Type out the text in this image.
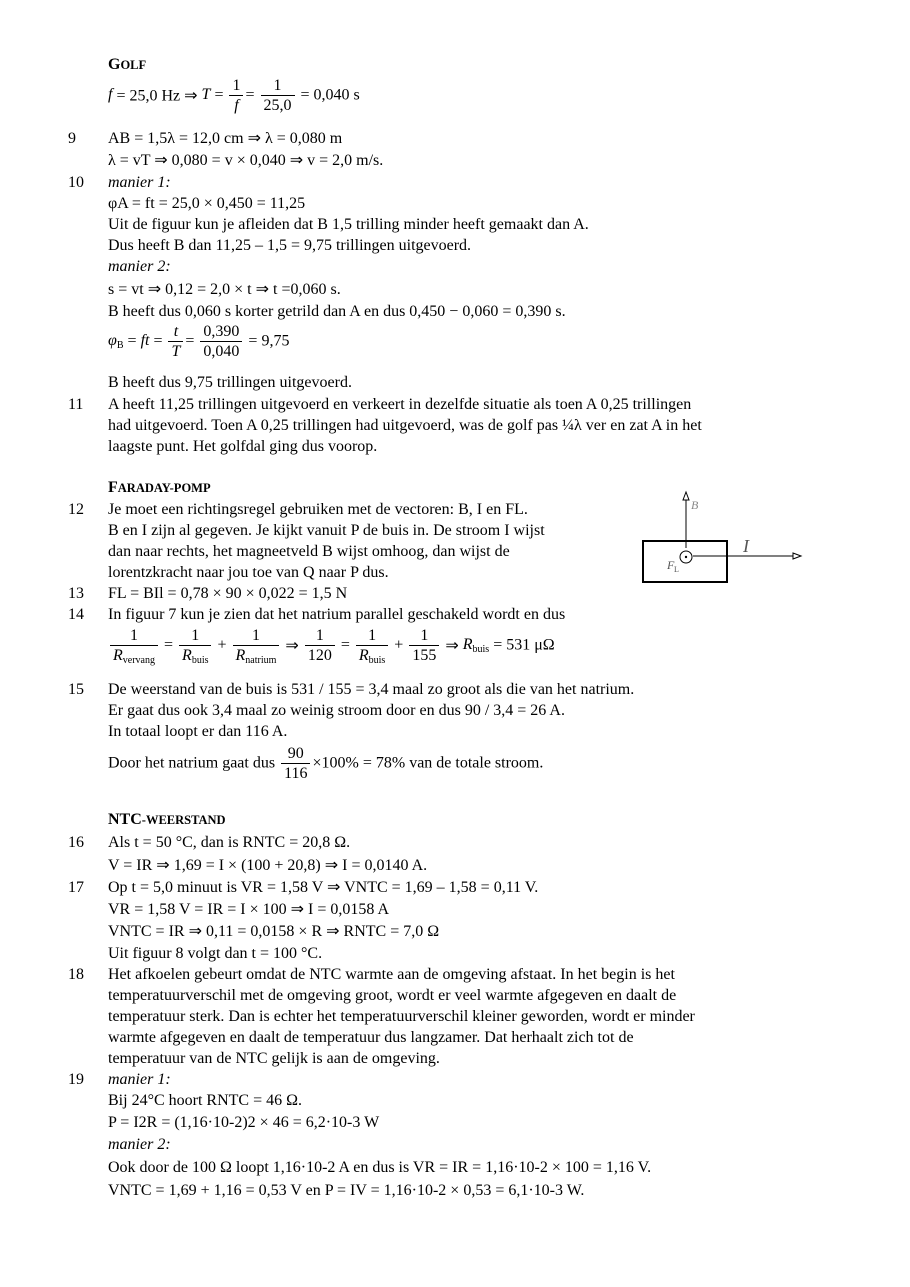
GOLF
f = 25,0 Hz ⇒ $T = \frac{1}{f} = \frac{1}{25,0} = 0,040$ s
9 AB = 1,5λ = 12,0 cm ⇒ λ = 0,080 m
λ = vT ⇒ 0,080 = v × 0,040 ⇒ v = 2,0 m/s.
10 manier 1:
φA = ft = 25,0 × 0,450 = 11,25
Uit de figuur kun je afleiden dat B 1,5 trilling minder heeft gemaakt dan A.
Dus heeft B dan 11,25 – 1,5 = 9,75 trillingen uitgevoerd.
manier 2:
s = vt ⇒ 0,12 = 2,0 × t ⇒ t =0,060 s.
B heeft dus 0,060 s korter getrild dan A en dus 0,450 − 0,060 = 0,390 s.
$\varphi_B$ = ft = $\frac{t}{T} = \frac{0,390}{0,040} = 9,75$
B heeft dus 9,75 trillingen uitgevoerd.
11 A heeft 11,25 trillingen uitgevoerd en verkeert in dezelfde situatie als toen A 0,25 trillingen
had uitgevoerd. Toen A 0,25 trillingen had uitgevoerd, was de golf pas ¼λ ver en zat A in het
laagste punt. Het golfdal ging dus voorop.
FARADAY-POMP
12 Je moet een richtingsregel gebruiken met de vectoren: B, I en FL.
B en I zijn al gegeven. Je kijkt vanuit P de buis in. De stroom I wijst
dan naar rechts, het magneetveld B wijst omhoog, dan wijst de
lorentzkracht naar jou toe van Q naar P dus.
B
I
F L
13 FL = BIl = 0,78 × 90 × 0,022 = 1,5 N
14 In figuur 7 kun je zien dat het natrium parallel geschakeld wordt en dus
$\frac{1}{R_{vervang}} = \frac{1}{R_{buis}} + \frac{1}{R_{natrium}}$ ⇒ $\frac{1}{120} = \frac{1}{R_{buis}} + \frac{1}{155}$ ⇒ $R_{buis} = 531$ μΩ
15 De weerstand van de buis is 531 / 155 = 3,4 maal zo groot als die van het natrium.
Er gaat dus ook 3,4 maal zo weinig stroom door en dus 90 / 3,4 = 26 A.
In totaal loopt er dan 116 A.
Door het natrium gaat dus $\frac{90}{116} \times 100\% = 78\%$ van de totale stroom.
NTC-WEERSTAND
16 Als t = 50 °C, dan is RNTC = 20,8 Ω.
V = IR ⇒ 1,69 = I × (100 + 20,8) ⇒ I = 0,0140 A.
17 Op t = 5,0 minuut is VR = 1,58 V ⇒ VNTC = 1,69 – 1,58 = 0,11 V.
VR = 1,58 V = IR = I × 100 ⇒ I = 0,0158 A
VNTC = IR ⇒ 0,11 = 0,0158 × R ⇒ RNTC = 7,0 Ω
Uit figuur 8 volgt dan t = 100 °C.
18 Het afkoelen gebeurt omdat de NTC warmte aan de omgeving afstaat. In het begin is het
temperatuurverschil met de omgeving groot, wordt er veel warmte afgegeven en daalt de
temperatuur sterk. Dan is echter het temperatuurverschil kleiner geworden, wordt er minder
warmte afgegeven en daalt de temperatuur dus langzamer. Dat herhaalt zich tot de
temperatuur van de NTC gelijk is aan de omgeving.
19 manier 1:
Bij 24°C hoort RNTC = 46 Ω.
P = I2R = (1,16·10-2)2 × 46 = 6,2·10-3 W
manier 2:
Ook door de 100 Ω loopt 1,16·10-2 A en dus is VR = IR = 1,16·10-2 × 100 = 1,16 V.
VNTC = 1,69 + 1,16 = 0,53 V en P = IV = 1,16·10-2 × 0,53 = 6,1·10-3 W.
